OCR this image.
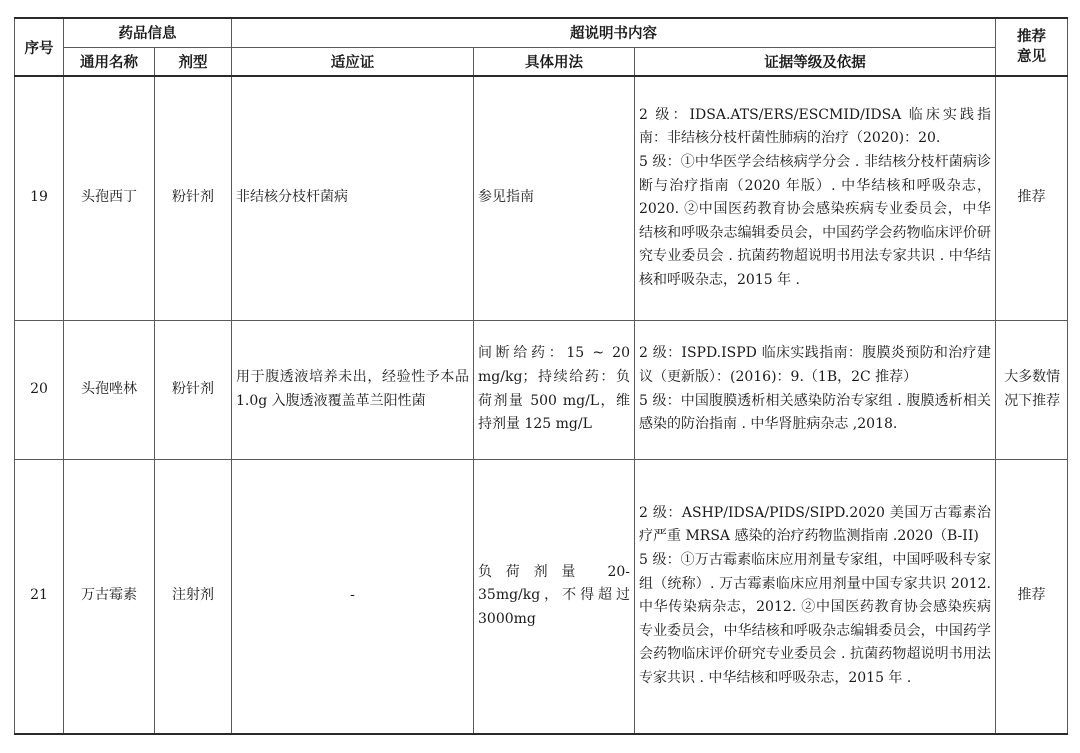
序号	药品信息		超说明书内容			推荐意见
	通用名称	剂型	适应证	具体用法	证据等级及依据	
19	头孢西丁	粉针剂	非结核分枝杆菌病	参见指南	2 级：IDSA.ATS/ERS/ESCMID/IDSA 临床实践指南：非结核分枝杆菌性肺病的治疗（2020)：20.
5 级：①中华医学会结核病学分会 . 非结核分枝杆菌病诊断与治疗指南（2020 年版）. 中华结核和呼吸杂志，2020. ②中国医药教育协会感染疾病专业委员会，中华结核和呼吸杂志编辑委员会，中国药学会药物临床评价研究专业委员会 . 抗菌药物超说明书用法专家共识 . 中华结核和呼吸杂志，2015 年 .	推荐
20	头孢唑林	粉针剂	用于腹透液培养未出，经验性予本品 1.0g 入腹透液覆盖革兰阳性菌	间断给药：15 ~ 20 mg/kg；持续给药：负荷剂量 500 mg/L，维持剂量 125 mg/L	2 级：ISPD.ISPD 临床实践指南：腹膜炎预防和治疗建议（更新版）：(2016)：9.（1B，2C 推荐）
5 级：中国腹膜透析相关感染防治专家组 . 腹膜透析相关感染的防治指南 . 中华肾脏病杂志 ,2018.	大多数情况下推荐
21	万古霉素	注射剂	-	负荷剂量 20-35mg/kg，不得超过 3000mg	2 级：ASHP/IDSA/PIDS/SIPD.2020 美国万古霉素治疗严重 MRSA 感染的治疗药物监测指南 .2020（B-II)
5 级：①万古霉素临床应用剂量专家组，中国呼吸科专家组（统称）. 万古霉素临床应用剂量中国专家共识 2012. 中华传染病杂志，2012. ②中国医药教育协会感染疾病专业委员会，中华结核和呼吸杂志编辑委员会，中国药学会药物临床评价研究专业委员会 . 抗菌药物超说明书用法专家共识 . 中华结核和呼吸杂志，2015 年 .	推荐
